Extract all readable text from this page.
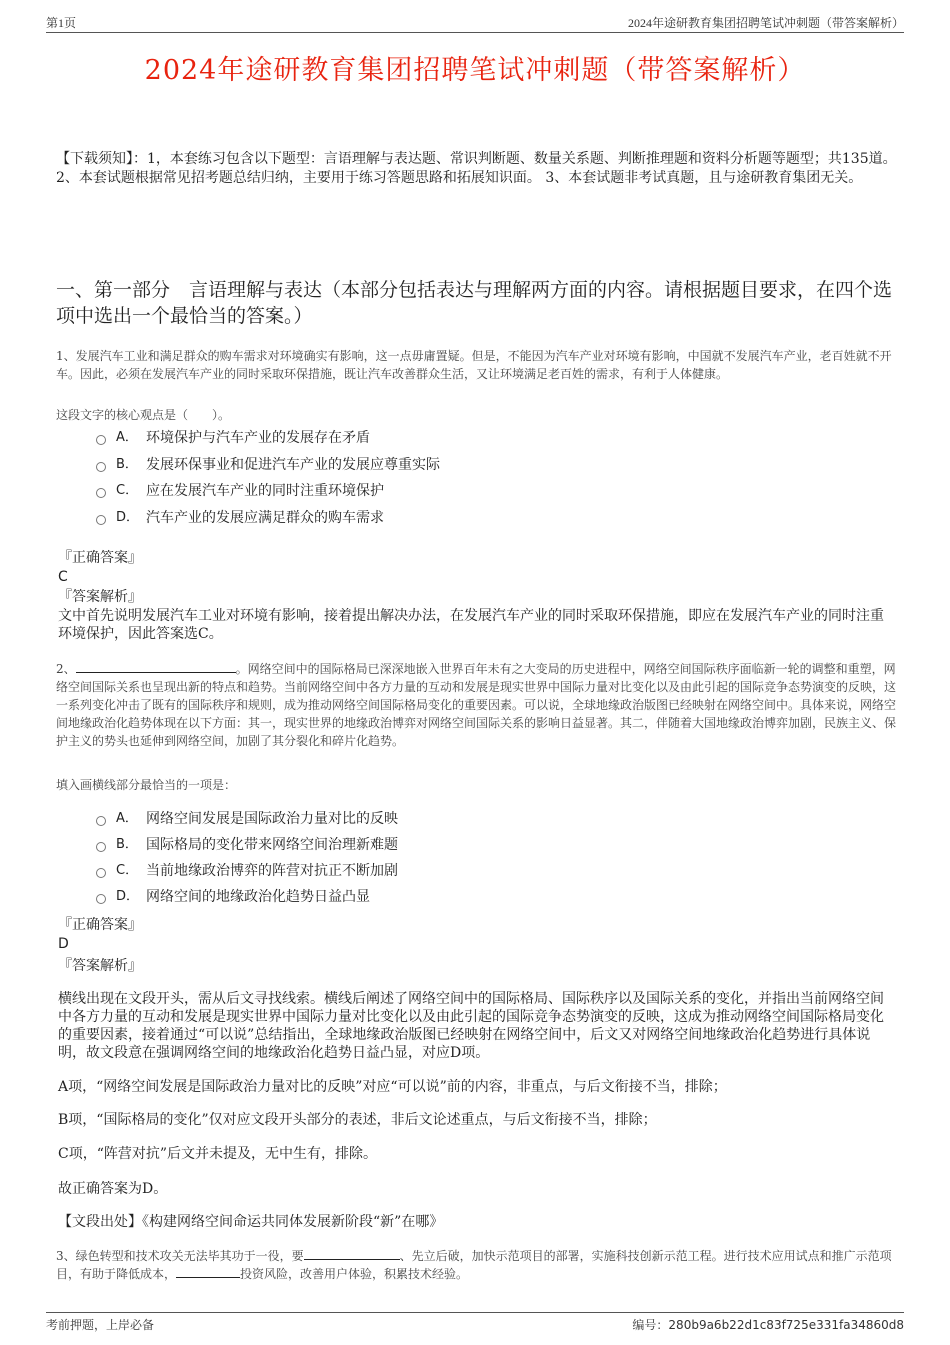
第1页	2024年途研教育集团招聘笔试冲刺题（带答案解析）
2024年途研教育集团招聘笔试冲刺题（带答案解析）
【下载须知】：1，本套练习包含以下题型：言语理解与表达题、常识判断题、数量关系题、判断推理题和资料分析题等题型；共135道。 2、本套试题根据常见招考题总结归纳，主要用于练习答题思路和拓展知识面。 3、本套试题非考试真题，且与途研教育集团无关。
一、第一部分　言语理解与表达（本部分包括表达与理解两方面的内容。请根据题目要求，在四个选项中选出一个最恰当的答案。）
1、发展汽车工业和满足群众的购车需求对环境确实有影响，这一点毋庸置疑。但是，不能因为汽车产业对环境有影响，中国就不发展汽车产业，老百姓就不开车。因此，必须在发展汽车产业的同时采取环保措施，既让汽车改善群众生活，又让环境满足老百姓的需求，有利于人体健康。
这段文字的核心观点是（　　）。
A． 环境保护与汽车产业的发展存在矛盾
B． 发展环保事业和促进汽车产业的发展应尊重实际
C． 应在发展汽车产业的同时注重环境保护
D． 汽车产业的发展应满足群众的购车需求
『正确答案』
C
『答案解析』
文中首先说明发展汽车工业对环境有影响，接着提出解决办法，在发展汽车产业的同时采取环保措施，即应在发展汽车产业的同时注重环境保护，因此答案选C。
2、	。网络空间中的国际格局已深深地嵌入世界百年未有之大变局的历史进程中，网络空间国际秩序面临新一轮的调整和重塑，网络空间国际关系也呈现出新的特点和趋势。当前网络空间中各方力量的互动和发展是现实世界中国际力量对比变化以及由此引起的国际竞争态势演变的反映，这一系列变化冲击了既有的国际秩序和规则，成为推动网络空间国际格局变化的重要因素。可以说，全球地缘政治版图已经映射在网络空间中。具体来说，网络空间地缘政治化趋势体现在以下方面：其一，现实世界的地缘政治博弈对网络空间国际关系的影响日益显著。其二，伴随着大国地缘政治博弈加剧，民族主义、保护主义的势头也延伸到网络空间，加剧了其分裂化和碎片化趋势。
填入画横线部分最恰当的一项是：
A． 网络空间发展是国际政治力量对比的反映
B． 国际格局的变化带来网络空间治理新难题
C． 当前地缘政治博弈的阵营对抗正不断加剧
D． 网络空间的地缘政治化趋势日益凸显
『正确答案』
D
『答案解析』
横线出现在文段开头，需从后文寻找线索。横线后阐述了网络空间中的国际格局、国际秩序以及国际关系的变化，并指出当前网络空间中各方力量的互动和发展是现实世界中国际力量对比变化以及由此引起的国际竞争态势演变的反映，这成为推动网络空间国际格局变化的重要因素，接着通过“可以说”总结指出，全球地缘政治版图已经映射在网络空间中，后文又对网络空间地缘政治化趋势进行具体说明，故文段意在强调网络空间的地缘政治化趋势日益凸显，对应D项。
A项，“网络空间发展是国际政治力量对比的反映”对应“可以说”前的内容，非重点，与后文衔接不当，排除；
B项，“国际格局的变化”仅对应文段开头部分的表述，非后文论述重点，与后文衔接不当，排除；
C项，“阵营对抗”后文并未提及，无中生有，排除。
故正确答案为D。
【文段出处】《构建网络空间命运共同体发展新阶段“新”在哪》
3、绿色转型和技术攻关无法毕其功于一役，要	、先立后破，加快示范项目的部署，实施科技创新示范工程。进行技术应用试点和推广示范项目，有助于降低成本，	投资风险，改善用户体验，积累技术经验。
考前押题，上岸必备	编号：280b9a6b22d1c83f725e331fa34860d8
